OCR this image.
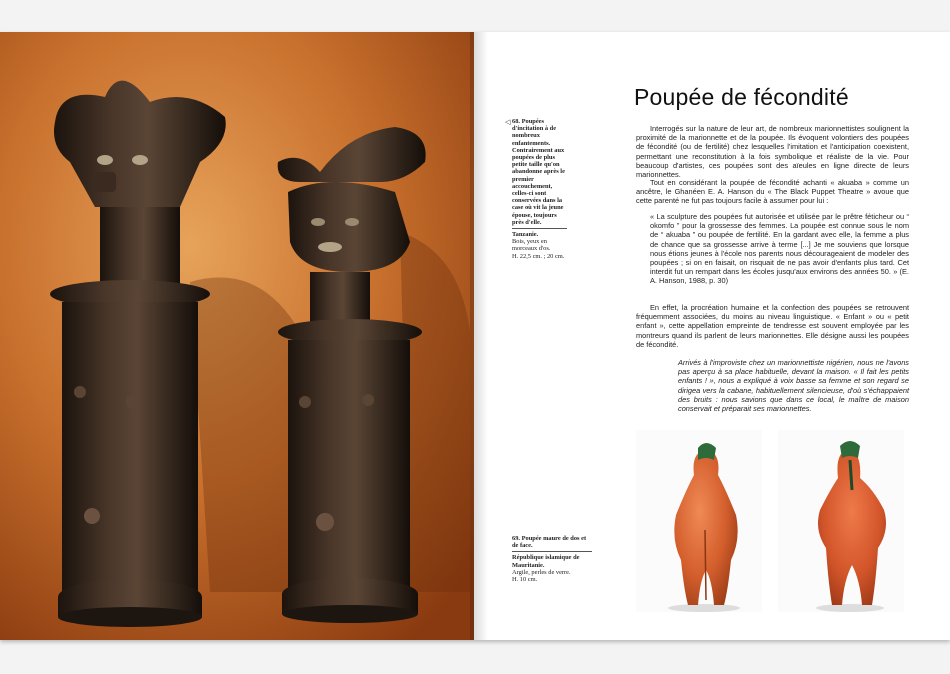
◁ 68. Poupées d'incitation à de nombreux enfantements. Contrairement aux poupées de plus petite taille qu'on abandonne après le premier accouchement, celles-ci sont conservées dans la case où vit la jeune épouse, toujours près d'elle.
Tanzanie.
Bois, yeux en morceaux d'os.
H. 22,5 cm. ; 20 cm.
69. Poupée maure de dos et de face.
République islamique de Mauritanie.
Argile, perles de verre.
H. 10 cm.
Poupée de fécondité

Interrogés sur la nature de leur art, de nombreux marionnettistes soulignent la proximité de la marionnette et de la poupée. Ils évoquent volontiers des poupées de fécondité (ou de fertilité) chez lesquelles l'imitation et l'anticipation coexistent, permettant une reconstitution à la fois symbolique et réaliste de la vie. Pour beaucoup d'artistes, ces poupées sont des aïeules en ligne directe de leurs marionnettes.

Tout en considérant la poupée de fécondité achanti « akuaba » comme un ancêtre, le Ghanéen E. A. Hanson du « The Black Puppet Theatre » avoue que cette parenté ne fut pas toujours facile à assumer pour lui :

« La sculpture des poupées fut autorisée et utilisée par le prêtre féticheur ou “ okomfo ” pour la grossesse des femmes. La poupée est connue sous le nom de “ akuaba ” ou poupée de fertilité. En la gardant avec elle, la femme a plus de chance que sa grossesse arrive à terme [...] Je me souviens que lorsque nous étions jeunes à l'école nos parents nous décourageaient de modeler des poupées ; si on en faisait, on risquait de ne pas avoir d'enfants plus tard. Cet interdit fut un rempart dans les écoles jusqu'aux environs des années 50. » (E. A. Hanson, 1988, p. 30)

En effet, la procréation humaine et la confection des poupées se retrouvent fréquemment associées, du moins au niveau linguistique. « Enfant » ou « petit enfant », cette appellation empreinte de tendresse est souvent employée par les montreurs quand ils parlent de leurs marionnettes. Elle désigne aussi les poupées de fécondité.

Arrivés à l'improviste chez un marionnettiste nigérien, nous ne l'avons pas aperçu à sa place habituelle, devant la maison. « Il fait les petits enfants ! », nous a expliqué à voix basse sa femme et son regard se dirigea vers la cabane, habituellement silencieuse, d'où s'échappaient des bruits : nous savions que dans ce local, le maître de maison conservait et préparait ses marionnettes.
